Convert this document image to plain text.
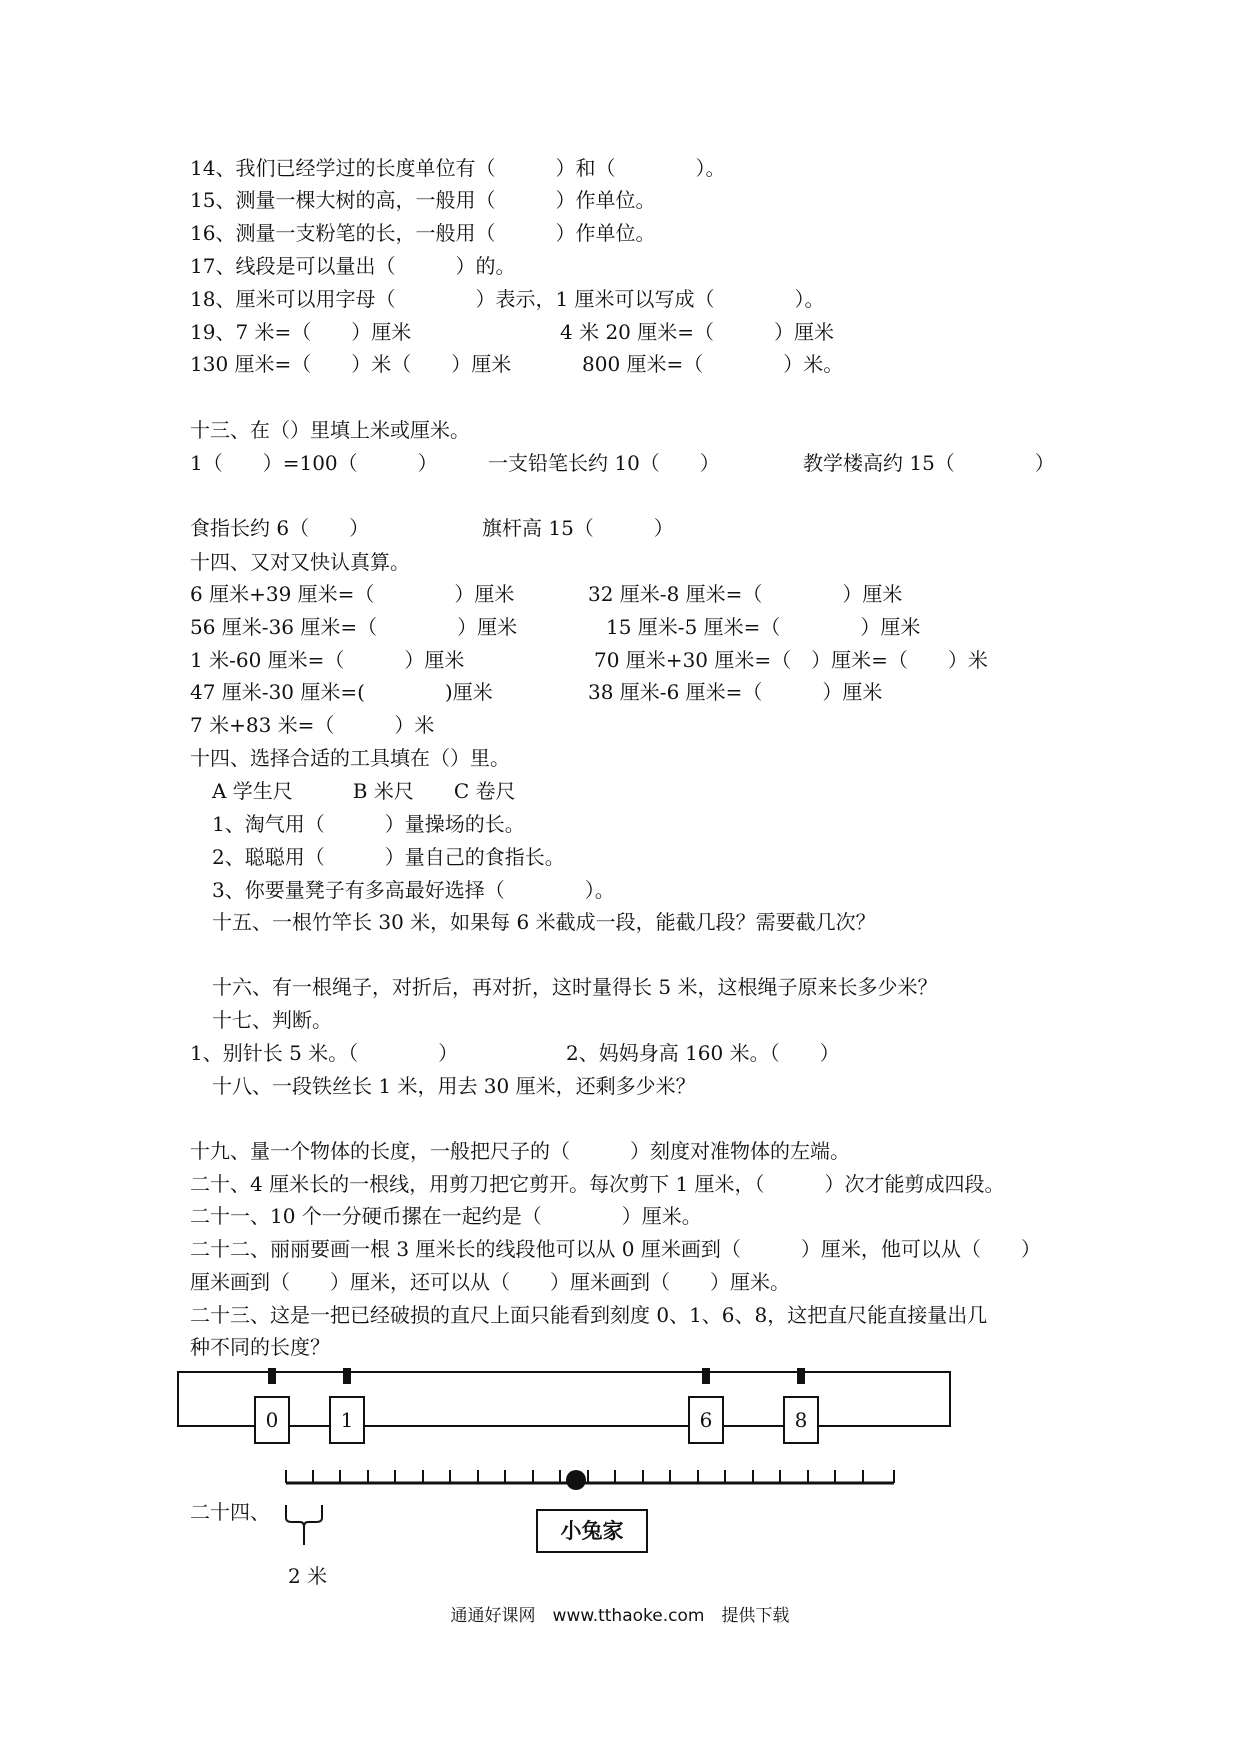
14、我们已经学过的长度单位有（　　　）和（　　　　）。
15、测量一棵大树的高，一般用（　　　）作单位。
16、测量一支粉笔的长，一般用（　　　）作单位。
17、线段是可以量出（　　　）的。
18、厘米可以用字母（　　　　）表示，1 厘米可以写成（　　　　）。
19、7 米=（　　）厘米	4 米 20 厘米=（　　　）厘米
130 厘米=（　　）米（　　）厘米	800 厘米=（　　　　）米。
十三、在（）里填上米或厘米。
1（　　）=100（　　　）	一支铅笔长约 10（　　）	教学楼高约 15（　　　　）
食指长约 6（　　）	旗杆高 15（　　　）
十四、又对又快认真算。
6 厘米+39 厘米=（　　　　）厘米	32 厘米-8 厘米=（　　　　）厘米
56 厘米-36 厘米=（　　　　）厘米	15 厘米-5 厘米=（　　　　）厘米
1 米-60 厘米=（　　　）厘米	70 厘米+30 厘米=（　）厘米=（　　）米
47 厘米-30 厘米=(　　　　)厘米	38 厘米-6 厘米=（　　　）厘米
7 米+83 米=（　　　）米
十四、选择合适的工具填在（）里。
A 学生尺　　　B 米尺　　C 卷尺
1、淘气用（　　　）量操场的长。
2、聪聪用（　　　）量自己的食指长。
3、你要量凳子有多高最好选择（　　　　）。
十五、一根竹竿长 30 米，如果每 6 米截成一段，能截几段？需要截几次？
十六、有一根绳子，对折后，再对折，这时量得长 5 米，这根绳子原来长多少米？
十七、判断。
1、别针长 5 米。（　　　　）	2、妈妈身高 160 米。（　　）
十八、一段铁丝长 1 米，用去 30 厘米，还剩多少米？
十九、量一个物体的长度，一般把尺子的（　　　）刻度对准物体的左端。
二十、4 厘米长的一根线，用剪刀把它剪开。每次剪下 1 厘米，（　　　）次才能剪成四段。
二十一、10 个一分硬币摞在一起约是（　　　　）厘米。
二十二、丽丽要画一根 3 厘米长的线段他可以从 0 厘米画到（　　　）厘米，他可以从（　　）
厘米画到（　　）厘米，还可以从（　　）厘米画到（　　）厘米。
二十三、这是一把已经破损的直尺上面只能看到刻度 0、1、6、8，这把直尺能直接量出几
种不同的长度？
0	1	6	8
二十四、
小兔家
2 米
通通好课网　www.tthaoke.com　提供下载
